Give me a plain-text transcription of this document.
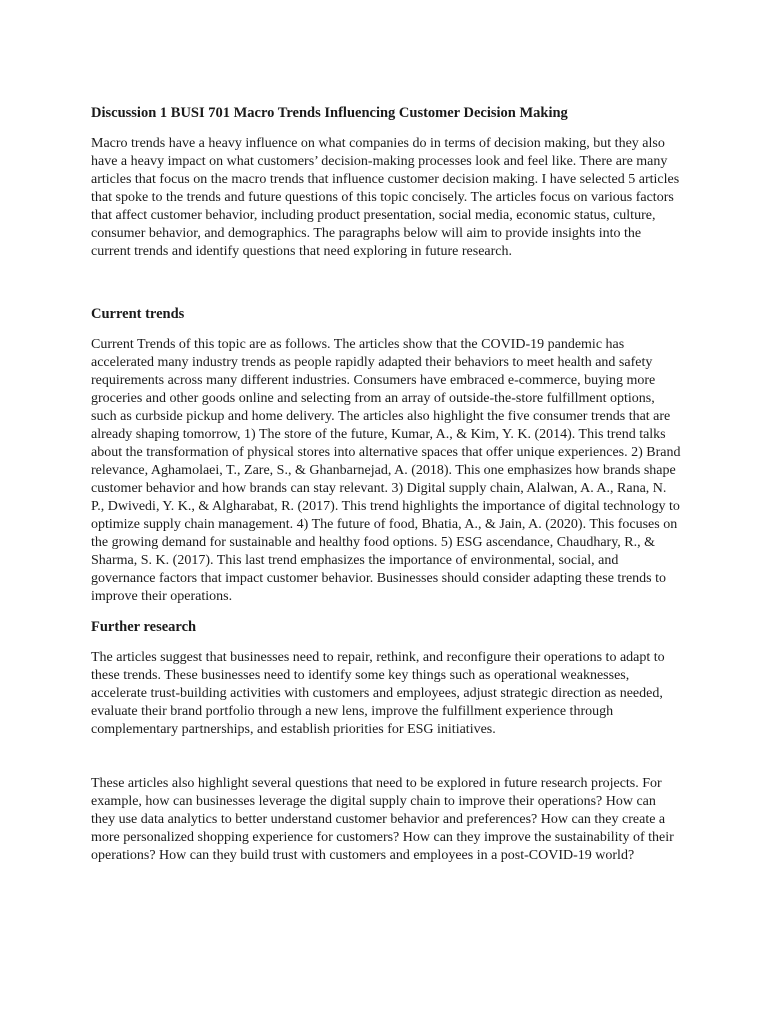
Discussion 1 BUSI 701 Macro Trends Influencing Customer Decision Making

Macro trends have a heavy influence on what companies do in terms of decision making, but they also have a heavy impact on what customers’ decision-making processes look and feel like. There are many articles that focus on the macro trends that influence customer decision making. I have selected 5 articles that spoke to the trends and future questions of this topic concisely. The articles focus on various factors that affect customer behavior, including product presentation, social media, economic status, culture, consumer behavior, and demographics. The paragraphs below will aim to provide insights into the current trends and identify questions that need exploring in future research.

Current trends

Current Trends of this topic are as follows. The articles show that the COVID-19 pandemic has accelerated many industry trends as people rapidly adapted their behaviors to meet health and safety requirements across many different industries. Consumers have embraced e-commerce, buying more groceries and other goods online and selecting from an array of outside-the-store fulfillment options, such as curbside pickup and home delivery. The articles also highlight the five consumer trends that are already shaping tomorrow, 1) The store of the future, Kumar, A., & Kim, Y. K. (2014). This trend talks about the transformation of physical stores into alternative spaces that offer unique experiences. 2) Brand relevance, Aghamolaei, T., Zare, S., & Ghanbarnejad, A. (2018). This one emphasizes how brands shape customer behavior and how brands can stay relevant. 3) Digital supply chain, Alalwan, A. A., Rana, N. P., Dwivedi, Y. K., & Algharabat, R. (2017). This trend highlights the importance of digital technology to optimize supply chain management. 4) The future of food, Bhatia, A., & Jain, A. (2020). This focuses on the growing demand for sustainable and healthy food options. 5) ESG ascendance, Chaudhary, R., & Sharma, S. K. (2017). This last trend emphasizes the importance of environmental, social, and governance factors that impact customer behavior. Businesses should consider adapting these trends to improve their operations.

Further research

The articles suggest that businesses need to repair, rethink, and reconfigure their operations to adapt to these trends. These businesses need to identify some key things such as operational weaknesses, accelerate trust-building activities with customers and employees, adjust strategic direction as needed, evaluate their brand portfolio through a new lens, improve the fulfillment experience through complementary partnerships, and establish priorities for ESG initiatives.

These articles also highlight several questions that need to be explored in future research projects. For example, how can businesses leverage the digital supply chain to improve their operations? How can they use data analytics to better understand customer behavior and preferences? How can they create a more personalized shopping experience for customers? How can they improve the sustainability of their operations? How can they build trust with customers and employees in a post-COVID-19 world?
